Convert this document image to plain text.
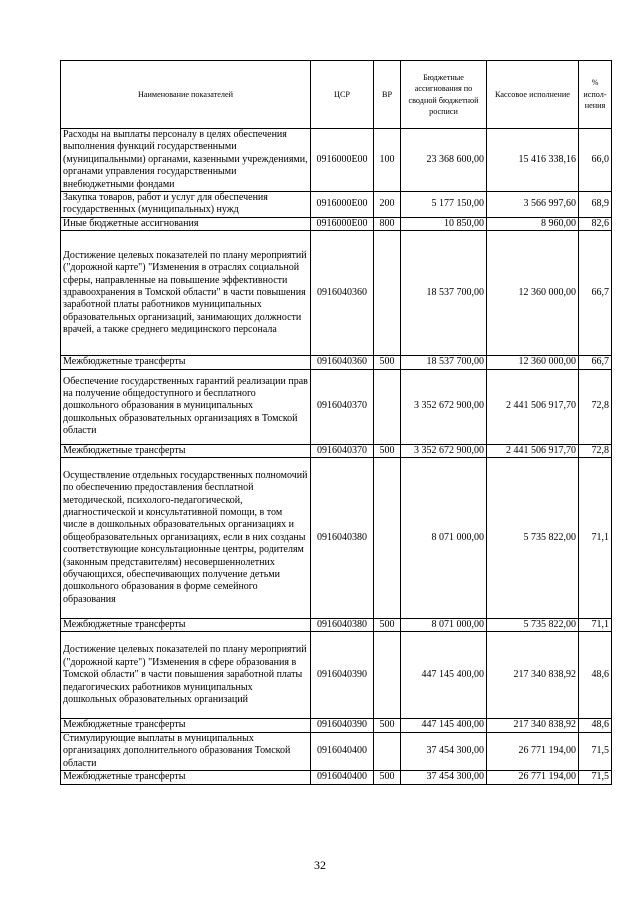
Наименование показателей	ЦСР	ВР	Бюджетные ассигнования по сводной бюджетной росписи	Кассовое исполнение	% испол-нения
Расходы на выплаты персоналу в целях обеспечения выполнения функций государственными (муниципальными) органами, казенными учреждениями, органами управления государственными внебюджетными фондами	0916000Е00	100	23 368 600,00	15 416 338,16	66,0
Закупка товаров, работ и услуг для обеспечения государственных (муниципальных) нужд	0916000Е00	200	5 177 150,00	3 566 997,60	68,9
Иные бюджетные ассигнования	0916000Е00	800	10 850,00	8 960,00	82,6
Достижение целевых показателей по плану мероприятий ("дорожной карте") "Изменения в отраслях социальной сферы, направленные на повышение эффективности здравоохранения в Томской области" в части повышения заработной платы работников муниципальных образовательных организаций, занимающих должности врачей, а также среднего медицинского персонала	0916040360		18 537 700,00	12 360 000,00	66,7
Межбюджетные трансферты	0916040360	500	18 537 700,00	12 360 000,00	66,7
Обеспечение государственных гарантий реализации прав на получение общедоступного и бесплатного дошкольного образования в муниципальных дошкольных образовательных организациях в Томской области	0916040370		3 352 672 900,00	2 441 506 917,70	72,8
Межбюджетные трансферты	0916040370	500	3 352 672 900,00	2 441 506 917,70	72,8
Осуществление отдельных государственных полномочий по обеспечению предоставления бесплатной методической, психолого-педагогической, диагностической и консультативной помощи, в том числе в дошкольных образовательных организациях и общеобразовательных организациях, если в них созданы соответствующие консультационные центры, родителям (законным представителям) несовершеннолетних обучающихся, обеспечивающих получение детьми дошкольного образования в форме семейного образования	0916040380		8 071 000,00	5 735 822,00	71,1
Межбюджетные трансферты	0916040380	500	8 071 000,00	5 735 822,00	71,1
Достижение целевых показателей по плану мероприятий ("дорожной карте") "Изменения в сфере образования в Томской области" в части повышения заработной платы педагогических работников муниципальных дошкольных образовательных организаций	0916040390		447 145 400,00	217 340 838,92	48,6
Межбюджетные трансферты	0916040390	500	447 145 400,00	217 340 838,92	48,6
Стимулирующие выплаты в муниципальных организациях дополнительного образования Томской области	0916040400		37 454 300,00	26 771 194,00	71,5
Межбюджетные трансферты	0916040400	500	37 454 300,00	26 771 194,00	71,5
32
